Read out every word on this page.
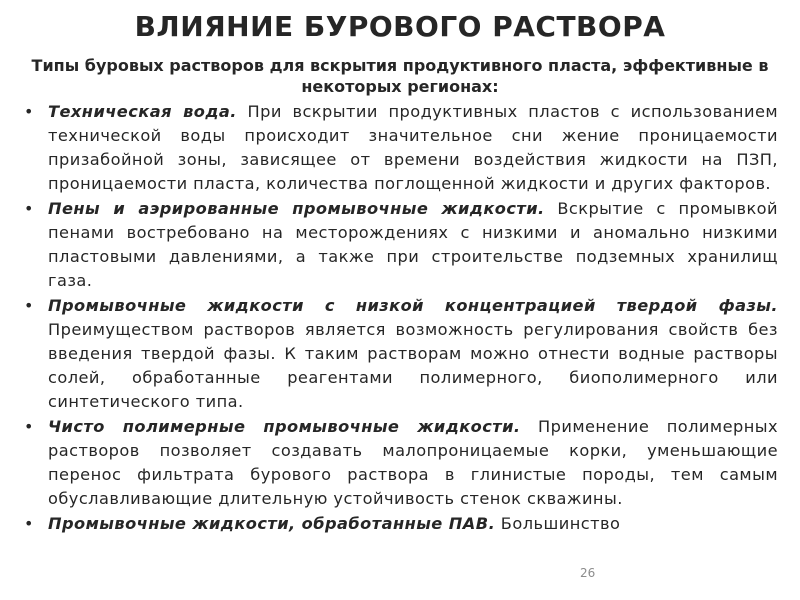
ВЛИЯНИЕ БУРОВОГО РАСТВОРА
Типы буровых растворов для вскрытия продуктивного пласта, эффективные в некоторых регионах:
• Техническая вода. При вскрытии продуктивных пластов с использованием технической воды происходит значительное сни жение проницаемости призабойной зоны, зависящее от времени воздействия жидкости на ПЗП, проницаемости пласта, количества поглощенной жидкости и других факторов.
• Пены и аэрированные промывочные жидкости. Вскрытие с промывкой пенами востребовано на месторождениях с низкими и аномально низкими пластовыми давлениями, а также при строительстве подземных хранилищ газа.
• Промывочные жидкости с низкой концентрацией твердой фазы. Преимуществом растворов является возможность регулирования свойств без введения твердой фазы. К таким растворам можно отнести водные растворы солей, обработанные реагентами полимерного, биополимерного или синтетического типа.
• Чисто полимерные промывочные жидкости. Применение полимерных растворов позволяет создавать малопроницаемые корки, уменьшающие перенос фильтрата бурового раствора в глинистые породы, тем самым обуславливающие длительную устойчивость стенок скважины.
• Промывочные жидкости, обработанные ПАВ. Большинство
26
